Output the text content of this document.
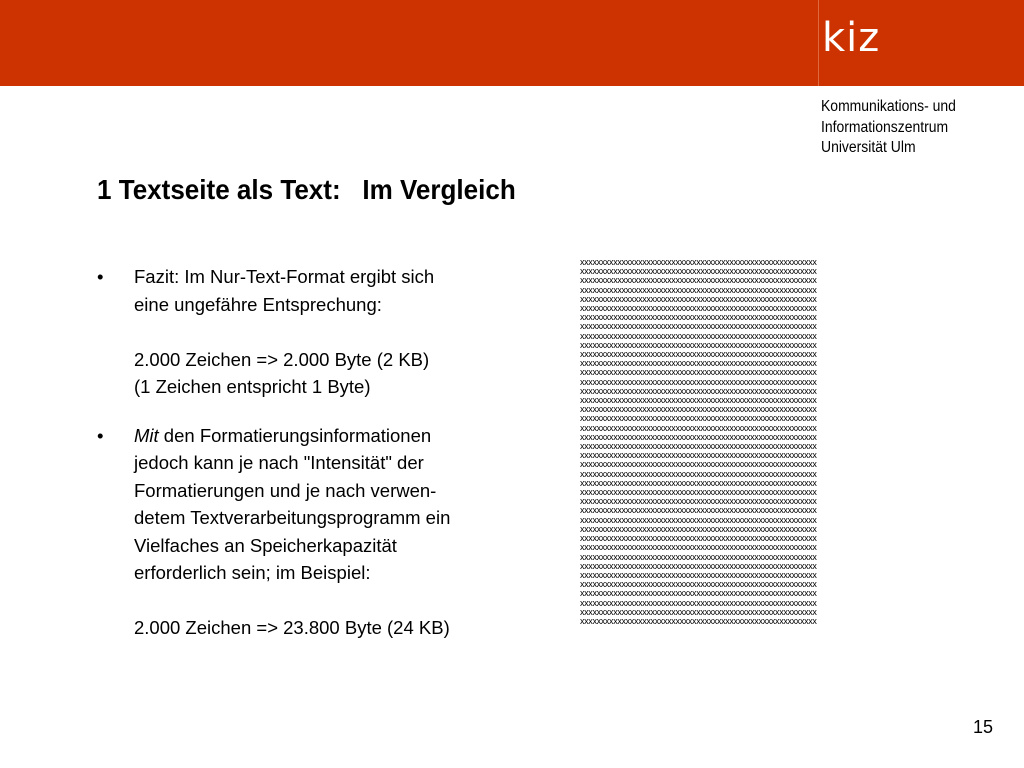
kiz
Kommunikations- und
Informationszentrum
Universität Ulm
1 Textseite als Text:   Im Vergleich
• Fazit: Im Nur-Text-Format ergibt sich

eine ungefähre Entsprechung:

2.000 Zeichen => 2.000 Byte (2 KB)

(1 Zeichen entspricht 1 Byte)

• Mit den Formatierungsinformationen

jedoch kann je nach "Intensität" der

Formatierungen und je nach verwen-

detem Textverarbeitungsprogramm ein

Vielfaches an Speicherkapazität

erforderlich sein; im Beispiel:

2.000 Zeichen => 23.800 Byte (24 KB)

xxxxxxxxxxxxxxxxxxxxxxxxxxxxxxxxxxxxxxxxxxxxxxxxxxxxxxxxx
xxxxxxxxxxxxxxxxxxxxxxxxxxxxxxxxxxxxxxxxxxxxxxxxxxxxxxxxx
xxxxxxxxxxxxxxxxxxxxxxxxxxxxxxxxxxxxxxxxxxxxxxxxxxxxxxxxx
xxxxxxxxxxxxxxxxxxxxxxxxxxxxxxxxxxxxxxxxxxxxxxxxxxxxxxxxx
xxxxxxxxxxxxxxxxxxxxxxxxxxxxxxxxxxxxxxxxxxxxxxxxxxxxxxxxx
xxxxxxxxxxxxxxxxxxxxxxxxxxxxxxxxxxxxxxxxxxxxxxxxxxxxxxxxx
xxxxxxxxxxxxxxxxxxxxxxxxxxxxxxxxxxxxxxxxxxxxxxxxxxxxxxxxx
xxxxxxxxxxxxxxxxxxxxxxxxxxxxxxxxxxxxxxxxxxxxxxxxxxxxxxxxx
xxxxxxxxxxxxxxxxxxxxxxxxxxxxxxxxxxxxxxxxxxxxxxxxxxxxxxxxx
xxxxxxxxxxxxxxxxxxxxxxxxxxxxxxxxxxxxxxxxxxxxxxxxxxxxxxxxx
xxxxxxxxxxxxxxxxxxxxxxxxxxxxxxxxxxxxxxxxxxxxxxxxxxxxxxxxx
xxxxxxxxxxxxxxxxxxxxxxxxxxxxxxxxxxxxxxxxxxxxxxxxxxxxxxxxx
xxxxxxxxxxxxxxxxxxxxxxxxxxxxxxxxxxxxxxxxxxxxxxxxxxxxxxxxx
xxxxxxxxxxxxxxxxxxxxxxxxxxxxxxxxxxxxxxxxxxxxxxxxxxxxxxxxx
xxxxxxxxxxxxxxxxxxxxxxxxxxxxxxxxxxxxxxxxxxxxxxxxxxxxxxxxx
xxxxxxxxxxxxxxxxxxxxxxxxxxxxxxxxxxxxxxxxxxxxxxxxxxxxxxxxx
xxxxxxxxxxxxxxxxxxxxxxxxxxxxxxxxxxxxxxxxxxxxxxxxxxxxxxxxx
xxxxxxxxxxxxxxxxxxxxxxxxxxxxxxxxxxxxxxxxxxxxxxxxxxxxxxxxx
xxxxxxxxxxxxxxxxxxxxxxxxxxxxxxxxxxxxxxxxxxxxxxxxxxxxxxxxx
xxxxxxxxxxxxxxxxxxxxxxxxxxxxxxxxxxxxxxxxxxxxxxxxxxxxxxxxx
xxxxxxxxxxxxxxxxxxxxxxxxxxxxxxxxxxxxxxxxxxxxxxxxxxxxxxxxx
xxxxxxxxxxxxxxxxxxxxxxxxxxxxxxxxxxxxxxxxxxxxxxxxxxxxxxxxx
xxxxxxxxxxxxxxxxxxxxxxxxxxxxxxxxxxxxxxxxxxxxxxxxxxxxxxxxx
xxxxxxxxxxxxxxxxxxxxxxxxxxxxxxxxxxxxxxxxxxxxxxxxxxxxxxxxx
xxxxxxxxxxxxxxxxxxxxxxxxxxxxxxxxxxxxxxxxxxxxxxxxxxxxxxxxx
xxxxxxxxxxxxxxxxxxxxxxxxxxxxxxxxxxxxxxxxxxxxxxxxxxxxxxxxx
xxxxxxxxxxxxxxxxxxxxxxxxxxxxxxxxxxxxxxxxxxxxxxxxxxxxxxxxx
xxxxxxxxxxxxxxxxxxxxxxxxxxxxxxxxxxxxxxxxxxxxxxxxxxxxxxxxx
xxxxxxxxxxxxxxxxxxxxxxxxxxxxxxxxxxxxxxxxxxxxxxxxxxxxxxxxx
xxxxxxxxxxxxxxxxxxxxxxxxxxxxxxxxxxxxxxxxxxxxxxxxxxxxxxxxx
xxxxxxxxxxxxxxxxxxxxxxxxxxxxxxxxxxxxxxxxxxxxxxxxxxxxxxxxx
xxxxxxxxxxxxxxxxxxxxxxxxxxxxxxxxxxxxxxxxxxxxxxxxxxxxxxxxx
xxxxxxxxxxxxxxxxxxxxxxxxxxxxxxxxxxxxxxxxxxxxxxxxxxxxxxxxx
xxxxxxxxxxxxxxxxxxxxxxxxxxxxxxxxxxxxxxxxxxxxxxxxxxxxxxxxx
xxxxxxxxxxxxxxxxxxxxxxxxxxxxxxxxxxxxxxxxxxxxxxxxxxxxxxxxx
xxxxxxxxxxxxxxxxxxxxxxxxxxxxxxxxxxxxxxxxxxxxxxxxxxxxxxxxx
xxxxxxxxxxxxxxxxxxxxxxxxxxxxxxxxxxxxxxxxxxxxxxxxxxxxxxxxx
xxxxxxxxxxxxxxxxxxxxxxxxxxxxxxxxxxxxxxxxxxxxxxxxxxxxxxxxx
xxxxxxxxxxxxxxxxxxxxxxxxxxxxxxxxxxxxxxxxxxxxxxxxxxxxxxxxx
xxxxxxxxxxxxxxxxxxxxxxxxxxxxxxxxxxxxxxxxxxxxxxxxxxxxxxxxx
15
